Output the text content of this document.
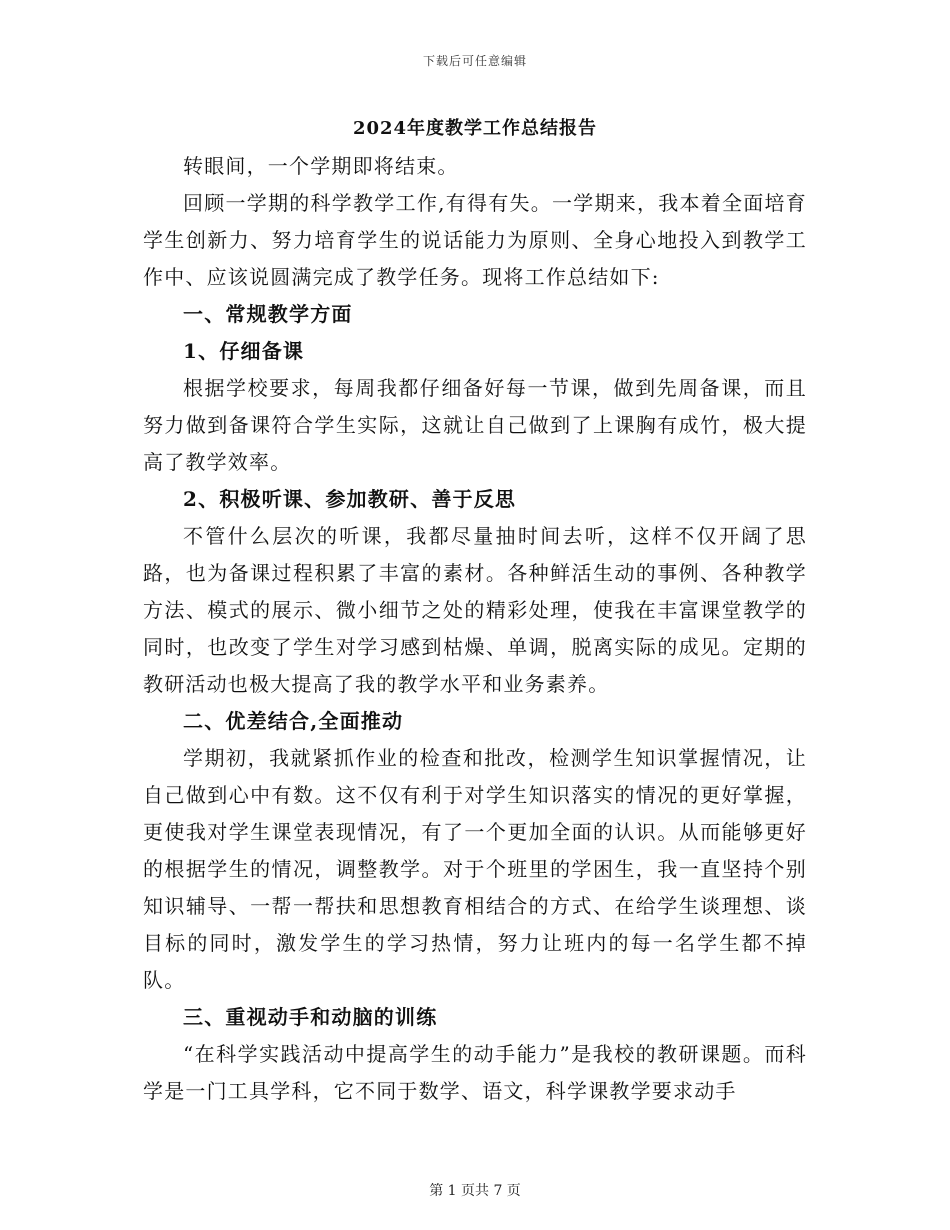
下载后可任意编辑
2024年度教学工作总结报告

转眼间，一个学期即将结束。

回顾一学期的科学教学工作,有得有失。一学期来，我本着全面培育学生创新力、努力培育学生的说话能力为原则、全身心地投入到教学工作中、应该说圆满完成了教学任务。现将工作总结如下:

一、常规教学方面

1、仔细备课

根据学校要求，每周我都仔细备好每一节课，做到先周备课，而且努力做到备课符合学生实际，这就让自己做到了上课胸有成竹，极大提高了教学效率。

2、积极听课、参加教研、善于反思

不管什么层次的听课，我都尽量抽时间去听，这样不仅开阔了思路，也为备课过程积累了丰富的素材。各种鲜活生动的事例、各种教学方法、模式的展示、微小细节之处的精彩处理，使我在丰富课堂教学的同时，也改变了学生对学习感到枯燥、单调，脱离实际的成见。定期的教研活动也极大提高了我的教学水平和业务素养。

二、优差结合,全面推动

学期初，我就紧抓作业的检查和批改，检测学生知识掌握情况，让自己做到心中有数。这不仅有利于对学生知识落实的情况的更好掌握，更使我对学生课堂表现情况，有了一个更加全面的认识。从而能够更好的根据学生的情况，调整教学。对于个班里的学困生，我一直坚持个别知识辅导、一帮一帮扶和思想教育相结合的方式、在给学生谈理想、谈目标的同时，激发学生的学习热情，努力让班内的每一名学生都不掉队。

三、重视动手和动脑的训练

“在科学实践活动中提高学生的动手能力”是我校的教研课题。而科学是一门工具学科，它不同于数学、语文，科学课教学要求动手

第 1 页共 7 页
